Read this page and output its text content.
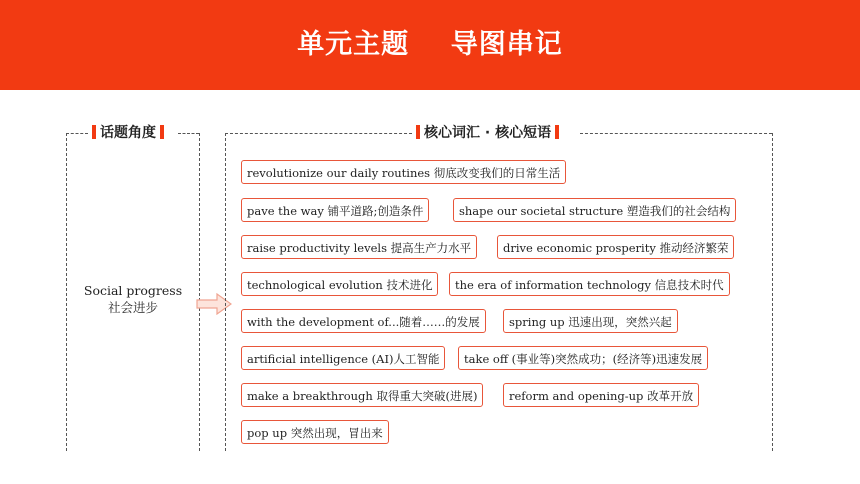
单元主题    导图串记
话题角度
Social progress
社会进步
核心词汇 · 核心短语
revolutionize our daily routines 彻底改变我们的日常生活
pave the way 铺平道路;创造条件	shape our societal structure 塑造我们的社会结构
raise productivity levels 提高生产力水平	drive economic prosperity 推动经济繁荣
technological evolution 技术进化	the era of information technology 信息技术时代
with the development of...随着……的发展	spring up 迅速出现，突然兴起
artificial intelligence (AI)人工智能	take off (事业等)突然成功；(经济等)迅速发展
make a breakthrough 取得重大突破(进展)	reform and opening-up 改革开放
pop up 突然出现，冒出来
